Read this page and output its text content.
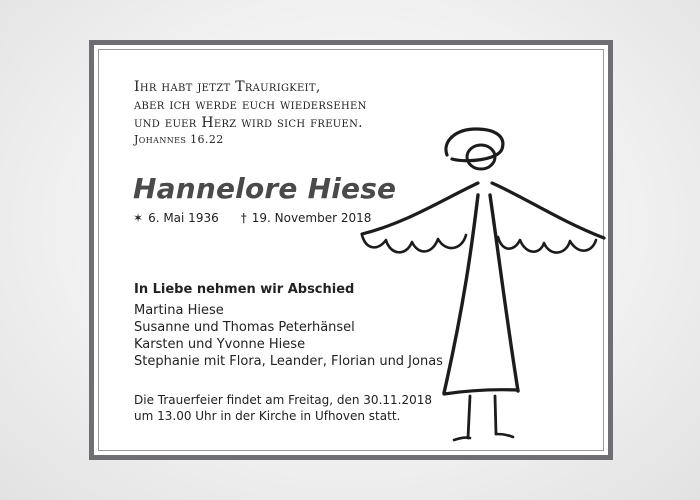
Ihr habt jetzt Traurigkeit,
aber ich werde euch wiedersehen
und euer Herz wird sich freuen.
Johannes 16.22
Hannelore Hiese
✶ 6. Mai 1936 † 19. November 2018
In Liebe nehmen wir Abschied
Martina Hiese
Susanne und Thomas Peterhänsel
Karsten und Yvonne Hiese
Stephanie mit Flora, Leander, Florian und Jonas
Die Trauerfeier findet am Freitag, den 30.11.2018
um 13.00 Uhr in der Kirche in Ufhoven statt.
